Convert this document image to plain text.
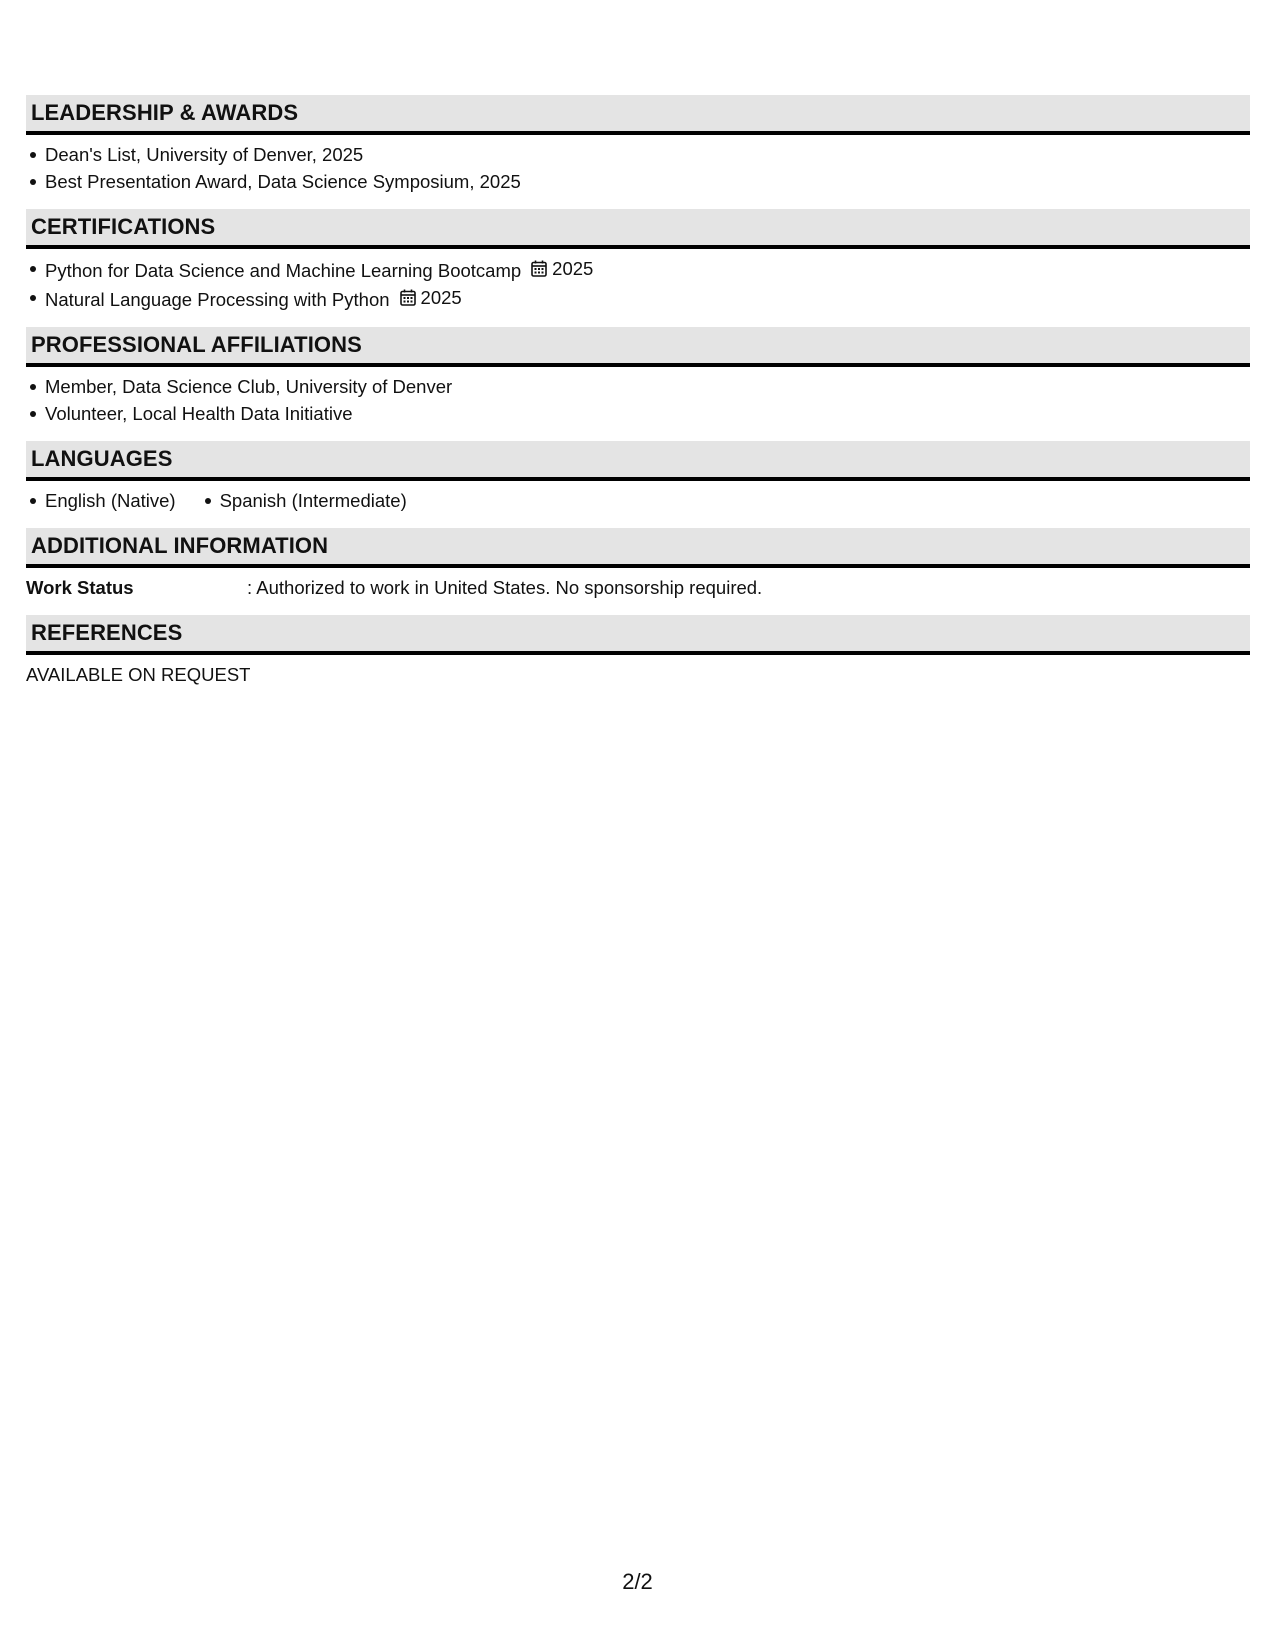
LEADERSHIP & AWARDS
Dean's List, University of Denver, 2025
Best Presentation Award, Data Science Symposium, 2025
CERTIFICATIONS
Python for Data Science and Machine Learning Bootcamp 2025
Natural Language Processing with Python 2025
PROFESSIONAL AFFILIATIONS
Member, Data Science Club, University of Denver
Volunteer, Local Health Data Initiative
LANGUAGES
English (Native) Spanish (Intermediate)
ADDITIONAL INFORMATION
Work Status	: Authorized to work in United States. No sponsorship required.
REFERENCES
AVAILABLE ON REQUEST
2/2
